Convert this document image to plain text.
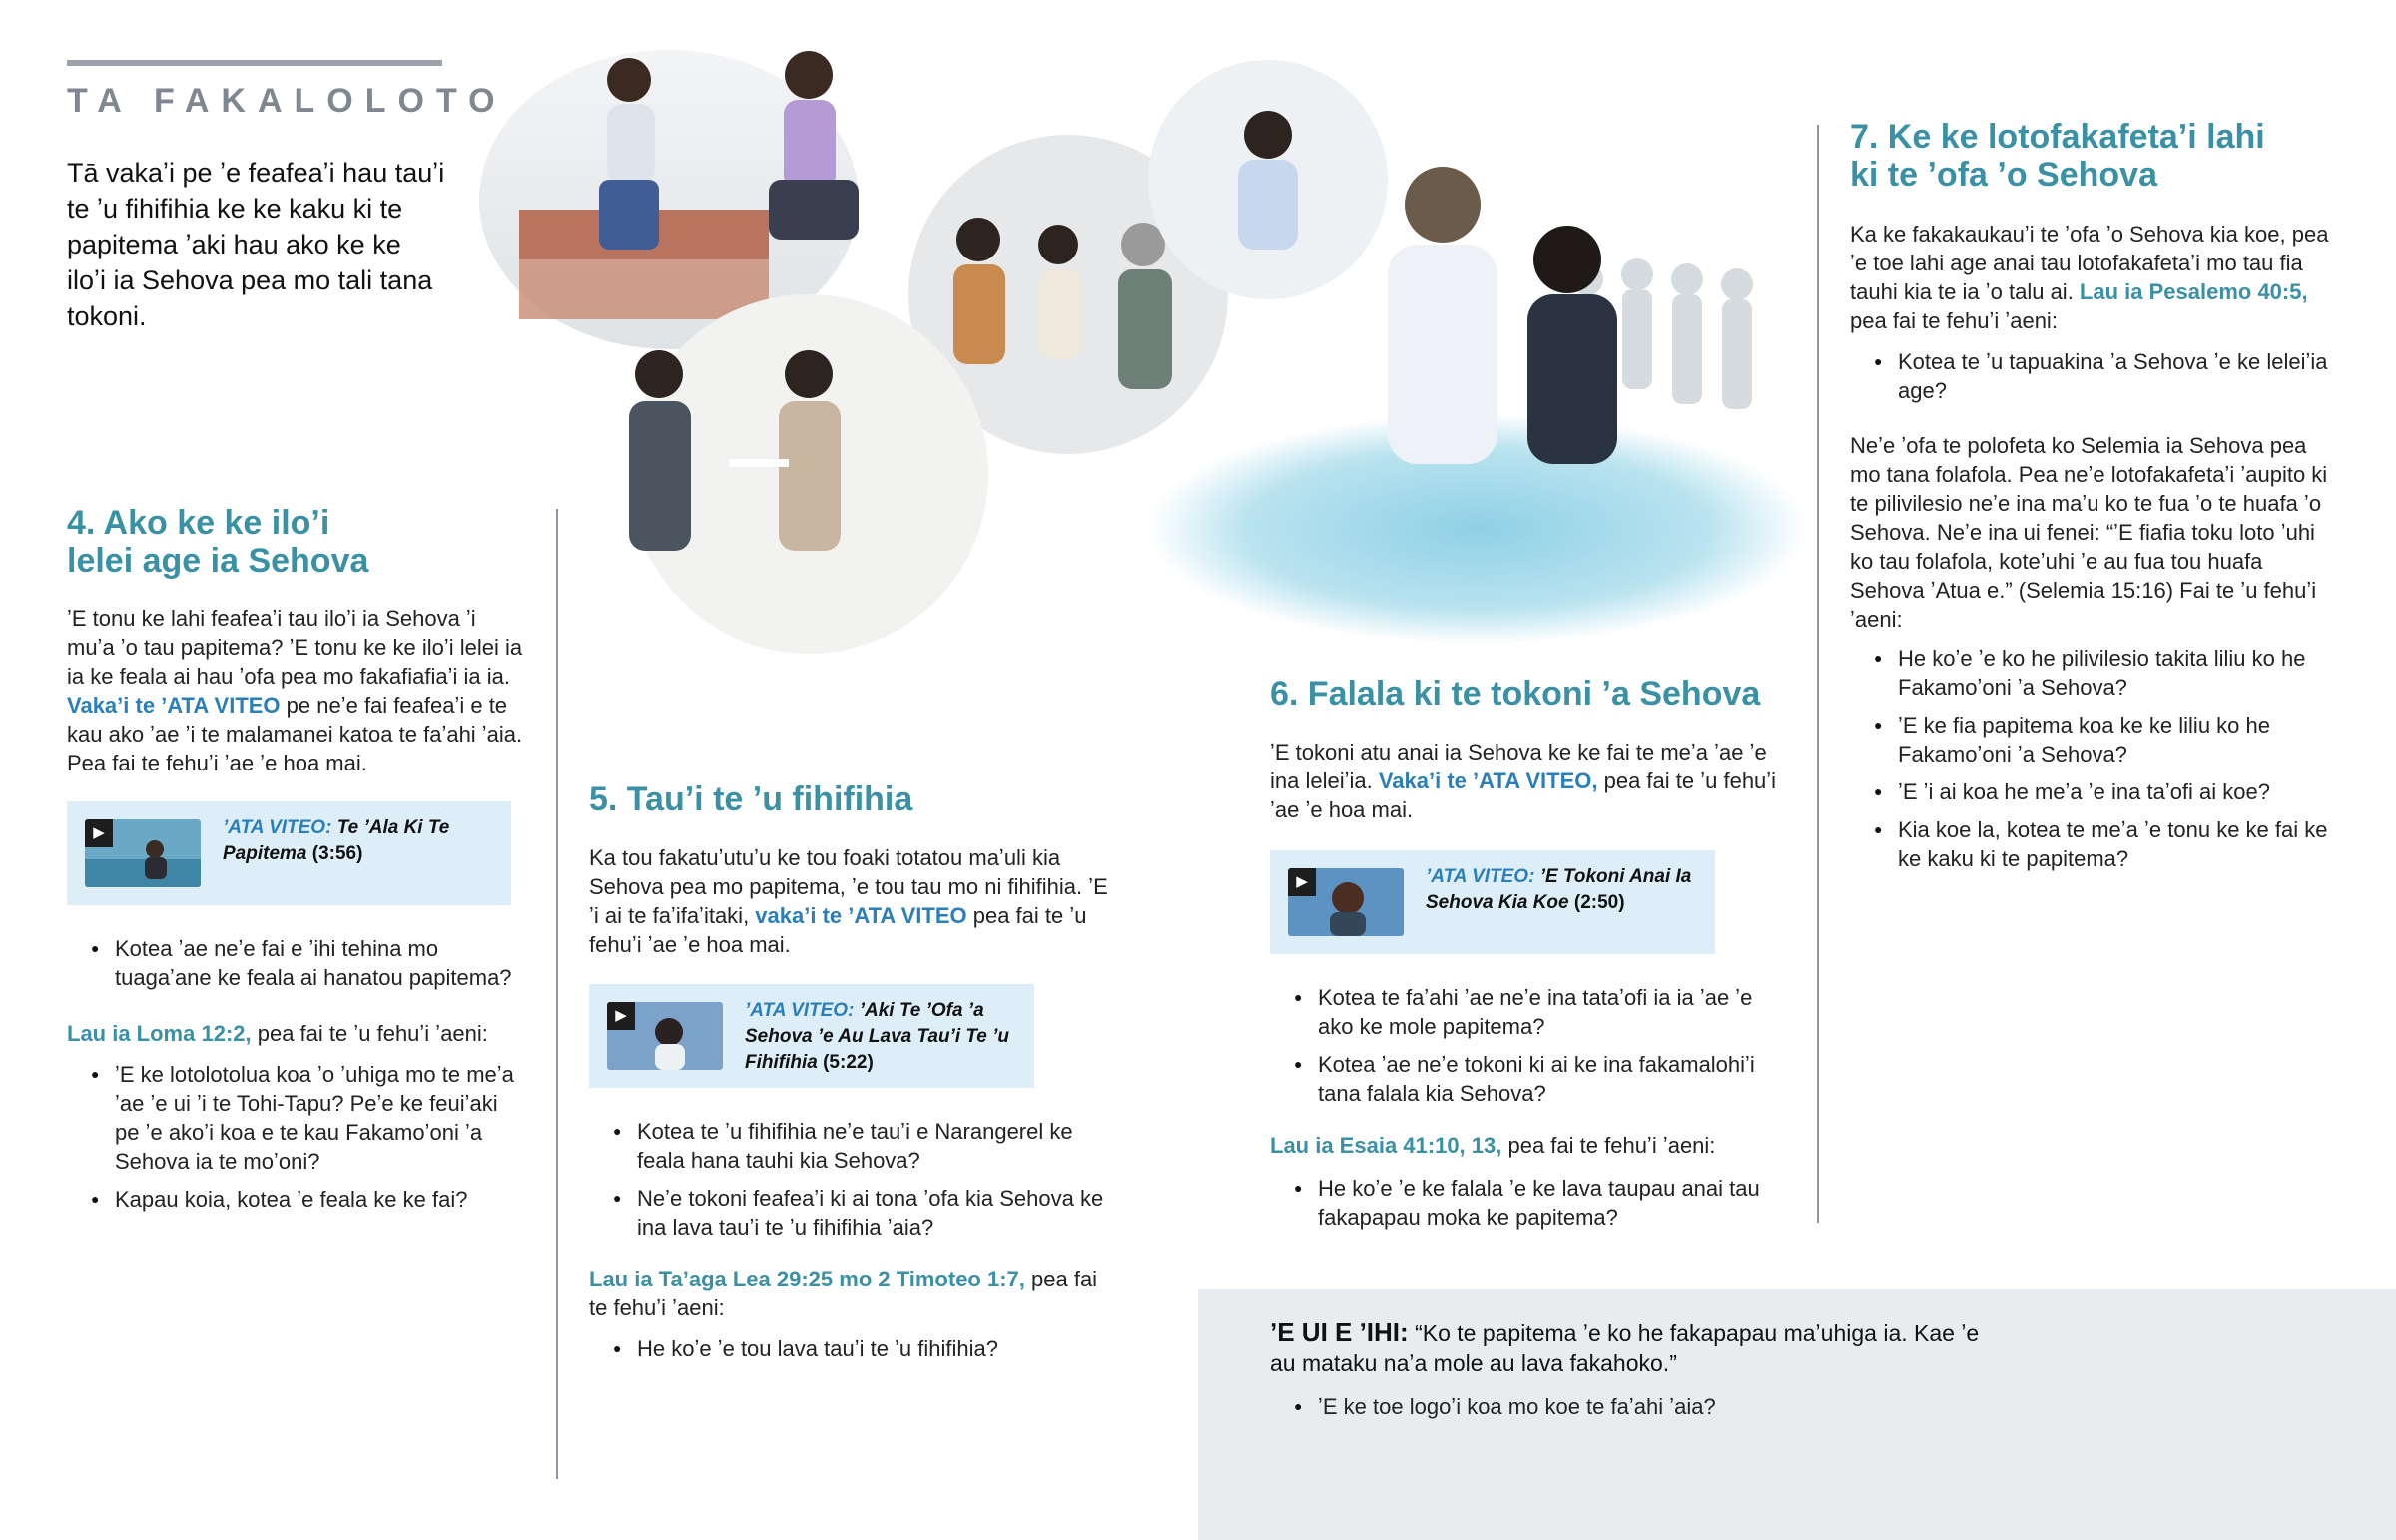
TA FAKALOLOTO
Tā vakaʼi pe ʼe feafeaʼi hau tauʼi te ʼu fihifihia ke ke kaku ki te papitema ʼaki hau ako ke ke iloʼi ia Sehova pea mo tali tana tokoni.
4. Ako ke ke iloʼi lelei age ia Sehova
ʼE tonu ke lahi feafeaʼi tau iloʼi ia Sehova ʼi muʼa ʼo tau papitema? ʼE tonu ke ke iloʼi lelei ia ia ke feala ai hau ʼofa pea mo fakafiafiaʼi ia ia. Vakaʼi te ʼATA VITEO pe neʼe fai feafeaʼi e te kau ako ʼae ʼi te malamanei katoa te faʼahi ʼaia. Pea fai te fehuʼi ʼae ʼe hoa mai.
▶	ʼATA VITEO: Te ʼAla Ki Te Papitema (3:56)
● Kotea ʼae neʼe fai e ʼihi tehina mo tuagaʼane ke feala ai hanatou papitema?
Lau ia Loma 12:2, pea fai te ʼu fehuʼi ʼaeni:
● ʼE ke lotolotolua koa ʼo ʼuhiga mo te meʼa ʼae ʼe ui ʼi te Tohi-Tapu? Peʼe ke feuiʼaki pe ʼe akoʼi koa e te kau Fakamoʼoni ʼa Sehova ia te moʼoni?
● Kapau koia, kotea ʼe feala ke ke fai?
5. Tauʼi te ʼu fihifihia
Ka tou fakatuʼutuʼu ke tou foaki totatou maʼuli kia Sehova pea mo papitema, ʼe tou tau mo ni fihifihia. ʼE ʼi ai te faʼifaʼitaki, vakaʼi te ʼATA VITEO pea fai te ʼu fehuʼi ʼae ʼe hoa mai.
▶	ʼATA VITEO: ʼAki Te ʼOfa ʼa Sehova ʼe Au Lava Tauʼi Te ʼu Fihifihia (5:22)
● Kotea te ʼu fihifihia neʼe tauʼi e Narangerel ke feala hana tauhi kia Sehova?
● Neʼe tokoni feafeaʼi ki ai tona ʼofa kia Sehova ke ina lava tauʼi te ʼu fihifihia ʼaia?
Lau ia Taʼaga Lea 29:25 mo 2 Timoteo 1:7, pea fai te fehuʼi ʼaeni:
● He koʼe ʼe tou lava tauʼi te ʼu fihifihia?
6. Falala ki te tokoni ʼa Sehova
ʼE tokoni atu anai ia Sehova ke ke fai te meʼa ʼae ʼe ina leleiʼia. Vakaʼi te ʼATA VITEO, pea fai te ʼu fehuʼi ʼae ʼe hoa mai.
▶	ʼATA VITEO: ʼE Tokoni Anai Ia Sehova Kia Koe (2:50)
● Kotea te faʼahi ʼae neʼe ina tataʼofi ia ia ʼae ʼe ako ke mole papitema?
● Kotea ʼae neʼe tokoni ki ai ke ina fakamalohiʼi tana falala kia Sehova?
Lau ia Esaia 41:10, 13, pea fai te fehuʼi ʼaeni:
● He koʼe ʼe ke falala ʼe ke lava taupau anai tau fakapapau moka ke papitema?
7. Ke ke lotofakafetaʼi lahi ki te ʼofa ʼo Sehova
Ka ke fakakaukauʼi te ʼofa ʼo Sehova kia koe, pea ʼe toe lahi age anai tau lotofakafetaʼi mo tau fia tauhi kia te ia ʼo talu ai. Lau ia Pesalemo 40:5, pea fai te fehuʼi ʼaeni:
● Kotea te ʼu tapuakina ʼa Sehova ʼe ke leleiʼia age?
Neʼe ʼofa te polofeta ko Selemia ia Sehova pea mo tana folafola. Pea neʼe lotofakafetaʼi ʼaupito ki te pilivilesio neʼe ina maʼu ko te fua ʼo te huafa ʼo Sehova. Neʼe ina ui fenei: “ʼE fiafia toku loto ʼuhi ko tau folafola, koteʼuhi ʼe au fua tou huafa Sehova ʼAtua e.” (Selemia 15:16) Fai te ʼu fehuʼi ʼaeni:
● He koʼe ʼe ko he pilivilesio takita liliu ko he Fakamoʼoni ʼa Sehova?
● ʼE ke fia papitema koa ke ke liliu ko he Fakamoʼoni ʼa Sehova?
● ʼE ʼi ai koa he meʼa ʼe ina taʼofi ai koe?
● Kia koe la, kotea te meʼa ʼe tonu ke ke fai ke ke kaku ki te papitema?
ʼE UI E ʼIHI: “Ko te papitema ʼe ko he fakapapau maʼuhiga ia. Kae ʼe au mataku naʼa mole au lava fakahoko.”
● ʼE ke toe logoʼi koa mo koe te faʼahi ʼaia?
